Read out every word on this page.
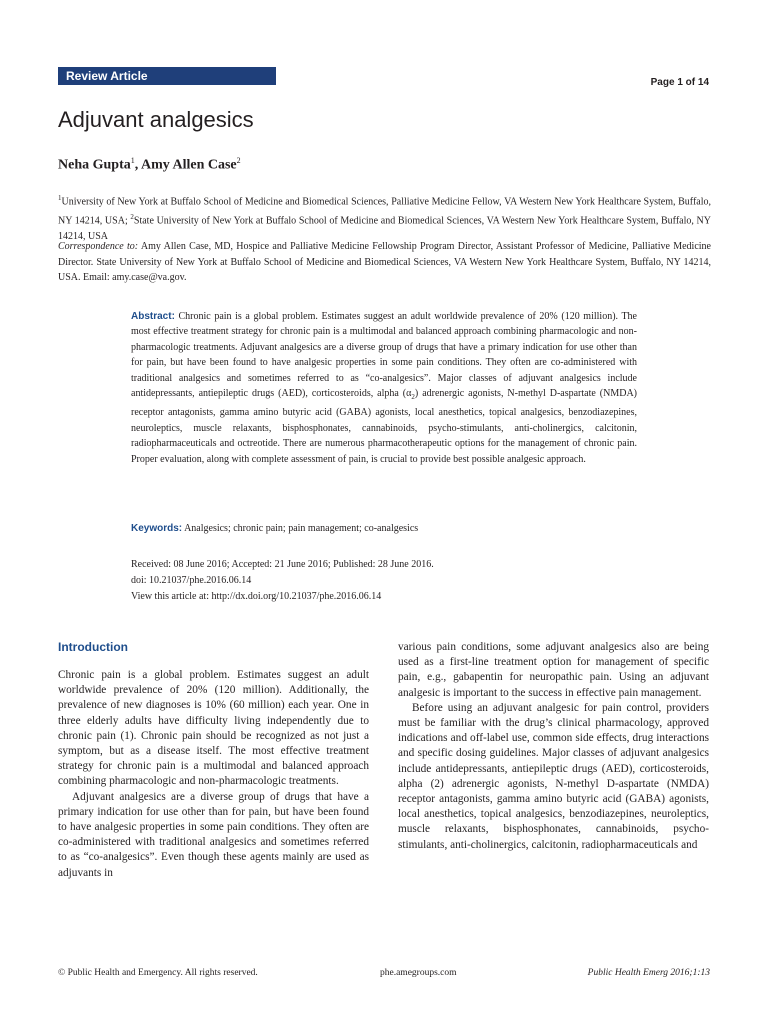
Review Article	Page 1 of 14
Adjuvant analgesics
Neha Gupta$^1$, Amy Allen Case$^2$
$^1$University of New York at Buffalo School of Medicine and Biomedical Sciences, Palliative Medicine Fellow, VA Western New York Healthcare System, Buffalo, NY 14214, USA; $^2$State University of New York at Buffalo School of Medicine and Biomedical Sciences, VA Western New York Healthcare System, Buffalo, NY 14214, USA
Correspondence to: Amy Allen Case, MD, Hospice and Palliative Medicine Fellowship Program Director, Assistant Professor of Medicine, Palliative Medicine Director. State University of New York at Buffalo School of Medicine and Biomedical Sciences, VA Western New York Healthcare System, Buffalo, NY 14214, USA. Email: amy.case@va.gov.
Abstract: Chronic pain is a global problem. Estimates suggest an adult worldwide prevalence of 20% (120 million). The most effective treatment strategy for chronic pain is a multimodal and balanced approach combining pharmacologic and non-pharmacologic treatments. Adjuvant analgesics are a diverse group of drugs that have a primary indication for use other than for pain, but have been found to have analgesic properties in some pain conditions. They often are co-administered with traditional analgesics and sometimes referred to as “co-analgesics”. Major classes of adjuvant analgesics include antidepressants, antiepileptic drugs (AED), corticosteroids, alpha $(\alpha_2)$ adrenergic agonists, N-methyl D-aspartate (NMDA) receptor antagonists, gamma amino butyric acid (GABA) agonists, local anesthetics, topical analgesics, benzodiazepines, neuroleptics, muscle relaxants, bisphosphonates, cannabinoids, psycho-stimulants, anti-cholinergics, calcitonin, radiopharmaceuticals and octreotide. There are numerous pharmacotherapeutic options for the management of chronic pain. Proper evaluation, along with complete assessment of pain, is crucial to provide best possible analgesic approach.
Keywords: Analgesics; chronic pain; pain management; co-analgesics
Received: 08 June 2016; Accepted: 21 June 2016; Published: 28 June 2016.
doi: 10.21037/phe.2016.06.14
View this article at: http://dx.doi.org/10.21037/phe.2016.06.14
Introduction

Chronic pain is a global problem. Estimates suggest an adult worldwide prevalence of 20% (120 million). Additionally, the prevalence of new diagnoses is 10% (60 million) each year. One in three elderly adults have difficulty living independently due to chronic pain (1). Chronic pain should be recognized as not just a symptom, but as a disease itself. The most effective treatment strategy for chronic pain is a multimodal and balanced approach combining pharmacologic and non-pharmacologic treatments.

Adjuvant analgesics are a diverse group of drugs that have a primary indication for use other than for pain, but have been found to have analgesic properties in some pain conditions. They often are co-administered with traditional analgesics and sometimes referred to as “co-analgesics”. Even though these agents mainly are used as adjuvants in

various pain conditions, some adjuvant analgesics also are being used as a first-line treatment option for management of specific pain, e.g., gabapentin for neuropathic pain. Using an adjuvant analgesic is important to the success in effective pain management.

Before using an adjuvant analgesic for pain control, providers must be familiar with the drug’s clinical pharmacology, approved indications and off-label use, common side effects, drug interactions and specific dosing guidelines. Major classes of adjuvant analgesics include antidepressants, antiepileptic drugs (AED), corticosteroids, alpha (2) adrenergic agonists, N-methyl D-aspartate (NMDA) receptor antagonists, gamma amino butyric acid (GABA) agonists, local anesthetics, topical analgesics, benzodiazepines, neuroleptics, muscle relaxants, bisphosphonates, cannabinoids, psycho-stimulants, anti-cholinergics, calcitonin, radiopharmaceuticals and

© Public Health and Emergency. All rights reserved.	phe.amegroups.com	Public Health Emerg 2016;1:13
